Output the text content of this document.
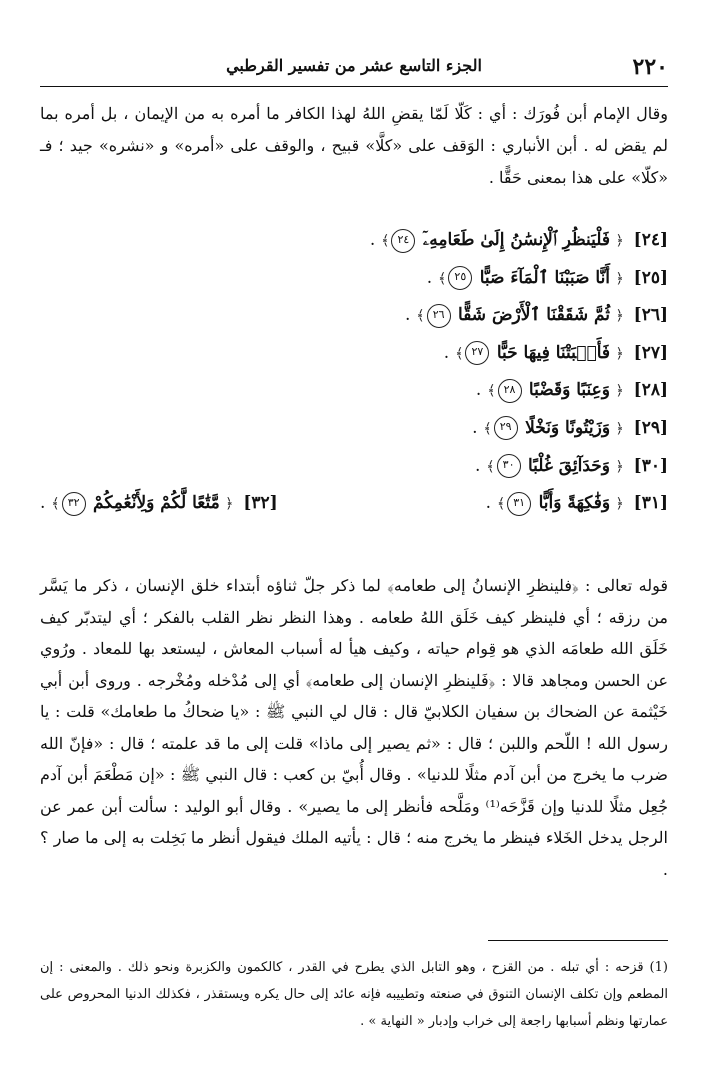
٢٢٠
الجزء التاسع عشر من تفسير القرطبي

وقال الإمام أبن فُورَك : أي : كَلّا لَمّا يقضِ اللهُ لهذا الكافر ما أمره به من الإيمان ، بل أمره بما لم يقض له . أبن الأنباري : الوَقف على «كلَّا» قبيح ، والوقف على «أمره» و «نشره» جيد ؛ فـ «كلّا» على هذا بمعنى حَقًّا .

[٢٤]﴿ فَلْيَنظُرِ ٱلْإِنسَٰنُ إِلَىٰ طَعَامِهِۦٓ ٢٤﴾.
[٢٥]﴿ أَنَّا صَبَبْنَا ٱلْمَآءَ صَبًّا ٢٥﴾.
[٢٦]﴿ ثُمَّ شَقَقْنَا ٱلْأَرْضَ شَقًّا ٢٦﴾.
[٢٧]﴿ فَأَنۢبَتْنَا فِيهَا حَبًّا ٢٧﴾.
[٢٨]﴿ وَعِنَبًا وَقَضْبًا ٢٨﴾.
[٢٩]﴿ وَزَيْتُونًا وَنَخْلًا ٢٩﴾.
[٣٠]﴿ وَحَدَآئِقَ غُلْبًا ٣٠﴾.
[٣١]﴿ وَفَٰكِهَةً وَأَبًّا ٣١﴾.
[٣٢]﴿ مَّتَٰعًا لَّكُمْ وَلِأَنْعَٰمِكُمْ ٣٢﴾.

قوله تعالى : ﴿فلينظرِ الإنسانُ إلى طعامه﴾ لما ذكر جلّ ثناؤه أبتداء خلق الإنسان ، ذكر ما يَسَّر من رزقه ؛ أي فلينظر كيف خَلَق اللهُ طعامه . وهذا النظر نظر القلب بالفكر ؛ أي ليتدبّر كيف خَلَق الله طعامَه الذي هو قِوام حياته ، وكيف هيأ له أسباب المعاش ، ليستعد بها للمعاد . ورُوي عن الحسن ومجاهد قالا : ﴿فَلينظرِ الإنسان إلى طعامه﴾ أي إلى مُدْخله ومُخْرجه . وروى أبن أبي خَيْثمة عن الضحاك بن سفيان الكلابيّ قال : قال لي النبي ﷺ : «يا ضحاكُ ما طعامك» قلت : يا رسول الله ! اللّحم واللبن ؛ قال : «ثم يصير إلى ماذا» قلت إلى ما قد علمته ؛ قال : «فإنّ الله ضرب ما يخرج من أبن آدم مثلًا للدنيا» . وقال أُبيّ بن كعب : قال النبي ﷺ : «إن مَطْعَمَ أبن آدم جُعِل مثلًا للدنيا وإن قَزَّحَه⁽¹⁾ ومَلَّحه فأنظر إلى ما يصير» . وقال أبو الوليد : سألت أبن عمر عن الرجل يدخل الخَلاء فينظر ما يخرج منه ؛ قال : يأتيه الملك فيقول أنظر ما بَخِلت به إلى ما صار ؟ .

(1) قزحه : أي تبله . من القزح ، وهو التابل الذي يطرح في القدر ، كالكمون والكزبرة ونحو ذلك . والمعنى : إن المطعم وإن تكلف الإنسان التنوق في صنعته وتطييبه فإنه عائد إلى حال يكره ويستقذر ، فكذلك الدنيا المحروص على عمارتها ونظم أسبابها راجعة إلى خراب وإدبار « النهاية » .
